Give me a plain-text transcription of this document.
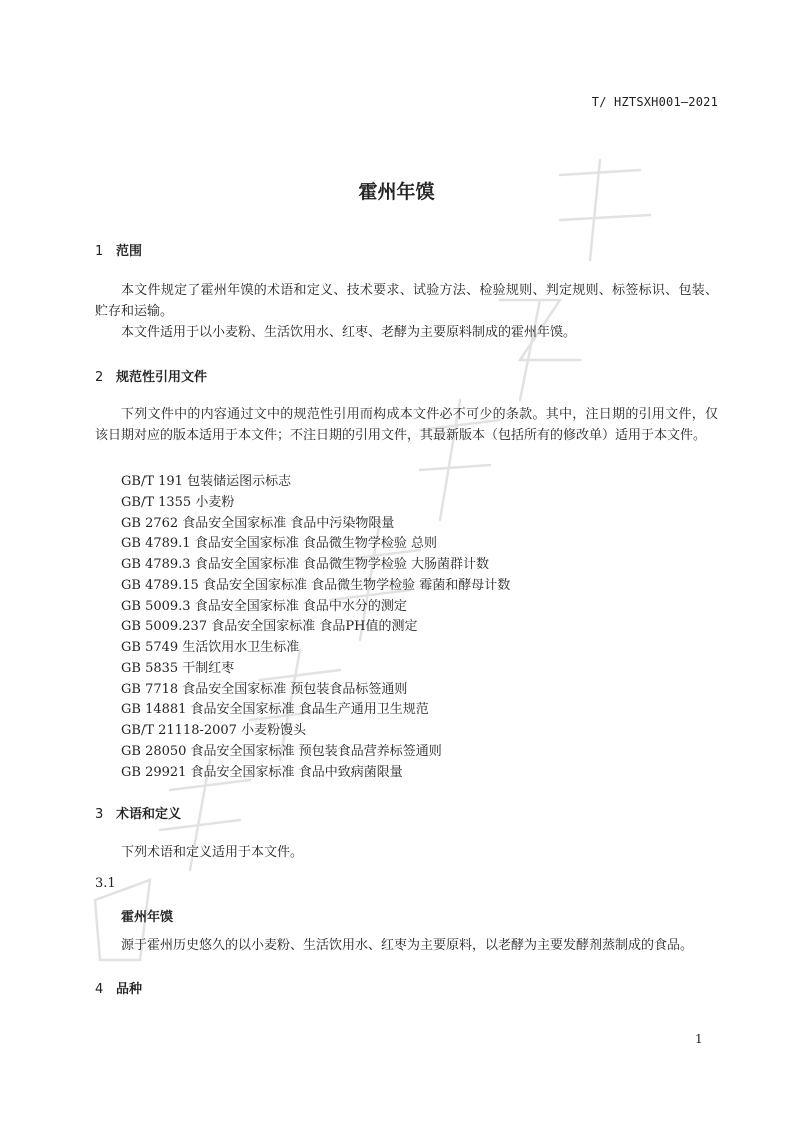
T/ HZTSXH001—2021
霍州年馍
1 范围
本文件规定了霍州年馍的术语和定义、技术要求、试验方法、检验规则、判定规则、标签标识、包装、贮存和运输。
本文件适用于以小麦粉、生活饮用水、红枣、老酵为主要原料制成的霍州年馍。
2 规范性引用文件
下列文件中的内容通过文中的规范性引用而构成本文件必不可少的条款。其中，注日期的引用文件，仅该日期对应的版本适用于本文件；不注日期的引用文件，其最新版本（包括所有的修改单）适用于本文件。
GB/T 191 包装储运图示标志
GB/T 1355 小麦粉
GB 2762 食品安全国家标准 食品中污染物限量
GB 4789.1 食品安全国家标准 食品微生物学检验 总则
GB 4789.3 食品安全国家标准 食品微生物学检验 大肠菌群计数
GB 4789.15 食品安全国家标准 食品微生物学检验 霉菌和酵母计数
GB 5009.3 食品安全国家标准 食品中水分的测定
GB 5009.237 食品安全国家标准 食品PH值的测定
GB 5749 生活饮用水卫生标准
GB 5835 干制红枣
GB 7718 食品安全国家标准 预包装食品标签通则
GB 14881 食品安全国家标准 食品生产通用卫生规范
GB/T 21118-2007 小麦粉馒头
GB 28050 食品安全国家标准 预包装食品营养标签通则
GB 29921 食品安全国家标准 食品中致病菌限量
3 术语和定义
下列术语和定义适用于本文件。
3.1
霍州年馍
源于霍州历史悠久的以小麦粉、生活饮用水、红枣为主要原料，以老酵为主要发酵剂蒸制成的食品。
4 品种
1
